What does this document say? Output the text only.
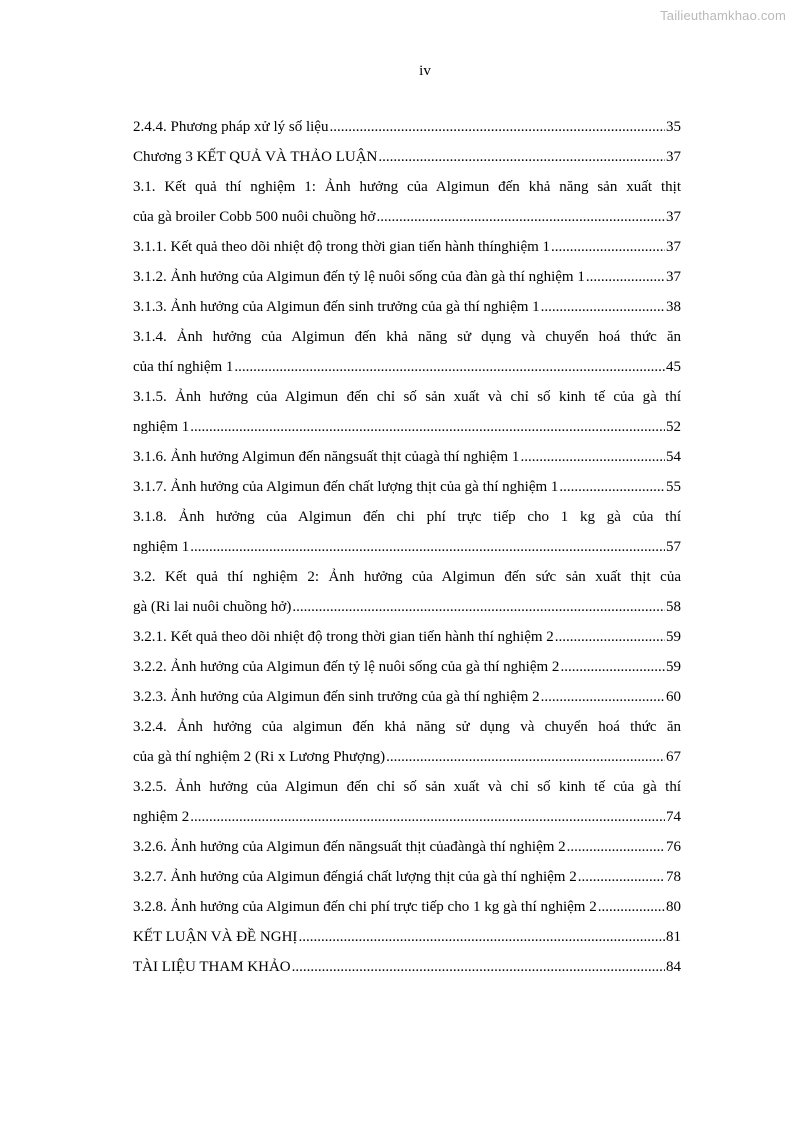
Tailieuthamkhao.com
iv
2.4.4. Phương pháp xử lý số liệu .....	35
Chương 3 KẾT QUẢ VÀ THẢO LUẬN .....	37
3.1. Kết quả thí nghiệm 1: Ảnh hưởng của Algimun đến khả năng sản xuất thịt
của gà broiler Cobb 500 nuôi chuồng hở .....	37
3.1.1. Kết quả theo dõi nhiệt độ trong thời gian tiến hành thínghiệm 1 .....	37
3.1.2. Ảnh hưởng của Algimun đến tỷ lệ nuôi sống của đàn gà thí nghiệm 1 .....	37
3.1.3. Ảnh hưởng của Algimun đến sinh trưởng của gà thí nghiệm 1 .....	38
3.1.4. Ảnh hưởng của Algimun đến khả năng sử dụng và chuyển hoá thức ăn
của thí nghiệm 1 .....	45
3.1.5. Ảnh hưởng của Algimun đến chỉ số sản xuất và chỉ số kinh tế của gà thí
nghiệm 1 .....	52
3.1.6. Ảnh hưởng Algimun đến năngsuất thịt củagà thí nghiệm 1 .....	54
3.1.7. Ảnh hưởng của Algimun đến chất lượng thịt của gà thí nghiệm 1 .....	55
3.1.8. Ảnh hưởng của Algimun đến chi phí trực tiếp cho 1 kg gà của thí
nghiệm 1 .....	57
3.2. Kết quả thí nghiệm 2: Ảnh hưởng của Algimun đến sức sản xuất thịt của
gà (Ri lai nuôi chuồng hở) .....	58
3.2.1. Kết quả theo dõi nhiệt độ trong thời gian tiến hành thí nghiệm 2 .....	59
3.2.2. Ảnh hưởng của Algimun đến tỷ lệ nuôi sống của gà thí nghiệm 2 .....	59
3.2.3. Ảnh hưởng của Algimun đến sinh trưởng của gà thí nghiệm 2 .....	60
3.2.4. Ảnh hưởng của algimun đến khả năng sử dụng và chuyển hoá thức ăn
của gà thí nghiệm 2 (Ri x Lương Phượng) .....	67
3.2.5. Ảnh hưởng của Algimun đến chỉ số sản xuất và chỉ số kinh tế của gà thí
nghiệm 2 .....	74
3.2.6. Ảnh hưởng của Algimun đến năngsuất thịt củađàngà thí nghiệm 2 .....	76
3.2.7. Ảnh hưởng của Algimun đếngiá chất lượng thịt của gà thí nghiệm 2 .....	78
3.2.8. Ảnh hưởng của Algimun đến chi phí trực tiếp cho 1 kg gà thí nghiệm 2 .....	80
KẾT LUẬN VÀ ĐỀ NGHỊ .....	81
TÀI LIỆU THAM KHẢO .....	84
